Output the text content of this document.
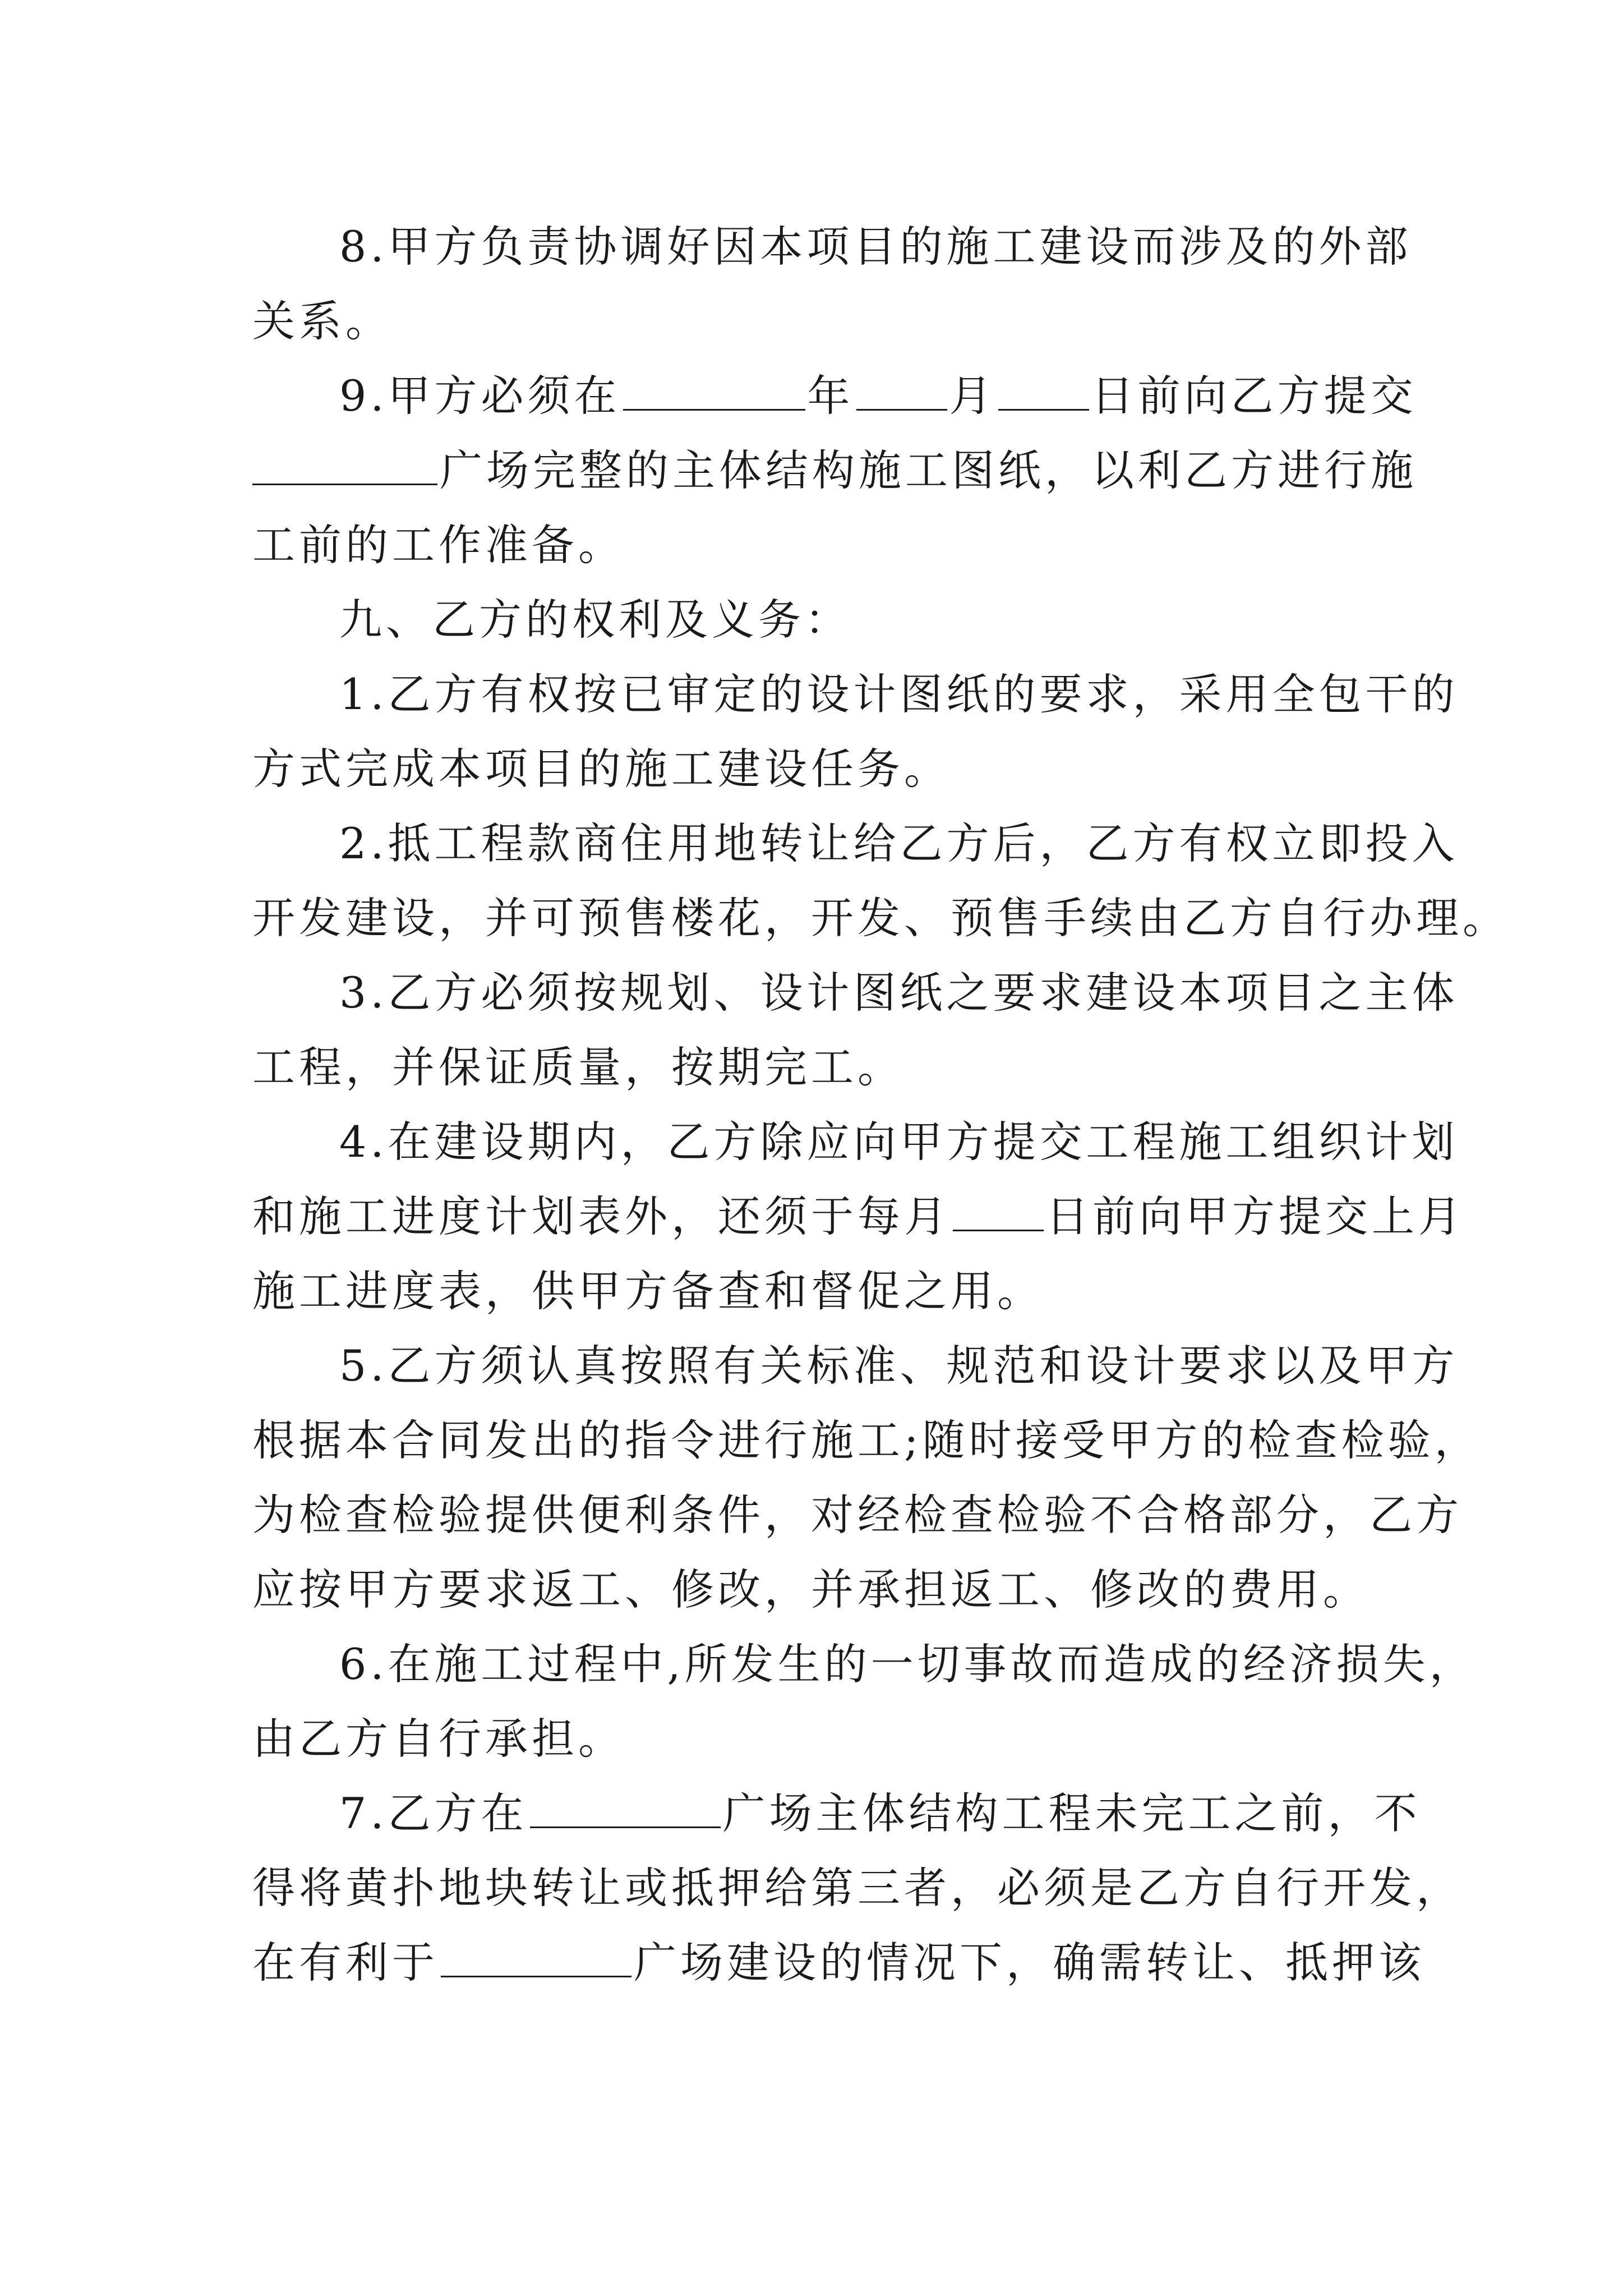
8.甲方负责协调好因本项目的施工建设而涉及的外部
关系。
9.甲方必须在	年 月 日前向乙方提交
广场完整的主体结构施工图纸，以利乙方进行施
工前的工作准备。
九、乙方的权利及义务：
1.乙方有权按已审定的设计图纸的要求，采用全包干的
方式完成本项目的施工建设任务。
2.抵工程款商住用地转让给乙方后，乙方有权立即投入
开发建设，并可预售楼花，开发、预售手续由乙方自行办理。
3.乙方必须按规划、设计图纸之要求建设本项目之主体
工程，并保证质量，按期完工。
4.在建设期内，乙方除应向甲方提交工程施工组织计划
和施工进度计划表外，还须于每月 日前向甲方提交上月
施工进度表，供甲方备查和督促之用。
5.乙方须认真按照有关标准、规范和设计要求以及甲方
根据本合同发出的指令进行施工;随时接受甲方的检查检验，
为检查检验提供便利条件，对经检查检验不合格部分，乙方
应按甲方要求返工、修改，并承担返工、修改的费用。
6.在施工过程中,所发生的一切事故而造成的经济损失，
由乙方自行承担。
7.乙方在	广场主体结构工程未完工之前，不
得将黄扑地块转让或抵押给第三者，必须是乙方自行开发，
在有利于	广场建设的情况下，确需转让、抵押该
